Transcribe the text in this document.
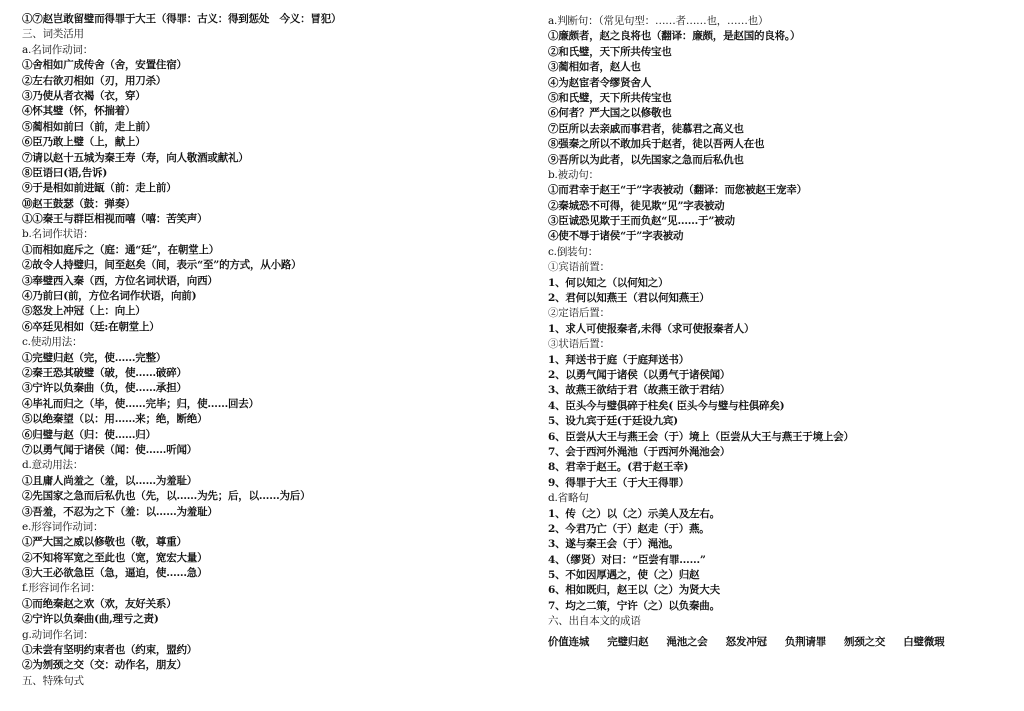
①⑦赵岂敢留璧而得罪于大王（得罪：古义：得到惩处　今义：冒犯）
三、词类活用
a.名词作动词：
①舍相如广成传舍（舍，安置住宿）
②左右欲刃相如（刃，用刀杀）
③乃使从者衣褐（衣，穿）
④怀其璧（怀，怀揣着）
⑤蔺相如前曰（前，走上前）
⑥臣乃敢上璧（上，献上）
⑦请以赵十五城为秦王寿（寿，向人敬酒或献礼）
⑧臣语曰(语,告诉)
⑨于是相如前进缻（前：走上前）
⑩赵王鼓瑟（鼓：弹奏）
①①秦王与群臣相视而嘻（嘻：苦笑声）
b.名词作状语：
①而相如庭斥之（庭：通“廷”，在朝堂上）
②故令人持璧归，间至赵矣（间，表示“至”的方式，从小路）
③奉璧西入秦（西，方位名词状语，向西）
④乃前曰(前，方位名词作状语，向前)
⑤怒发上冲冠（上：向上）
⑥卒廷见相如（廷:在朝堂上）
c.使动用法：
①完璧归赵（完，使……完整）
②秦王恐其破璧（破，使……破碎）
③宁许以负秦曲（负，使……承担）
④毕礼而归之（毕，使……完毕；归，使……回去）
⑤以绝秦望（以：用……来；绝，断绝）
⑥归璧与赵（归：使……归）
⑦以勇气闻于诸侯（闻：使……听闻）
d.意动用法：
①且庸人尚羞之（羞，以……为羞耻）
②先国家之急而后私仇也（先，以……为先；后，以……为后）
③吾羞，不忍为之下（羞：以……为羞耻）
e.形容词作动词：
①严大国之威以修敬也（敬，尊重）
②不知将军宽之至此也（宽，宽宏大量）
③大王必欲急臣（急，逼迫，使……急）
f.形容词作名词：
①而绝秦赵之欢（欢，友好关系）
②宁许以负秦曲(曲,理亏之责)
g.动词作名词：
①未尝有坚明约束者也（约束，盟约）
②为刎颈之交（交：动作名，朋友）
五、特殊句式
a.判断句：（常见句型：……者……也，……也）
①廉颇者，赵之良将也（翻译：廉颇，是赵国的良将。）
②和氏璧，天下所共传宝也
③蔺相如者，赵人也
④为赵宦者令缪贤舍人
⑤和氏璧，天下所共传宝也
⑥何者？严大国之以修敬也
⑦臣所以去亲戚而事君者，徒慕君之高义也
⑧强秦之所以不敢加兵于赵者，徒以吾两人在也
⑨吾所以为此者，以先国家之急而后私仇也
b.被动句：
①而君幸于赵王“于”字表被动（翻译：而您被赵王宠幸）
②秦城恐不可得，徒见欺“见”字表被动
③臣诚恐见欺于王而负赵“见……于”被动
④使不辱于诸侯“于”字表被动
c.倒装句：
①宾语前置：
1、何以知之（以何知之）
2、君何以知燕王（君以何知燕王）
②定语后置：
1、求人可使报秦者,未得（求可使报秦者人）
③状语后置：
1、拜送书于庭（于庭拜送书）
2、以勇气闻于诸侯（以勇气于诸侯闻）
3、故燕王欲结于君（故燕王欲于君结）
4、臣头今与璧俱碎于柱矣( 臣头今与璧与柱俱碎矣)
5、设九宾于廷(于廷设九宾)
6、臣尝从大王与燕王会（于）境上（臣尝从大王与燕王于境上会）
7、会于西河外渑池（于西河外渑池会）
8、君幸于赵王。(君于赵王幸)
9、得罪于大王（于大王得罪）
d.省略句
1、传（之）以（之）示美人及左右。
2、今君乃亡（于）赵走（于）燕。
3、遂与秦王会（于）渑池。
4、（缪贤）对曰：“臣尝有罪……”
5、不如因厚遇之，使（之）归赵
6、相如既归，赵王以（之）为贤大夫
7、均之二策，宁许（之）以负秦曲。
六、出自本文的成语
价值连城 完璧归赵 渑池之会 怒发冲冠 负荆请罪 刎颈之交 白璧微瑕
